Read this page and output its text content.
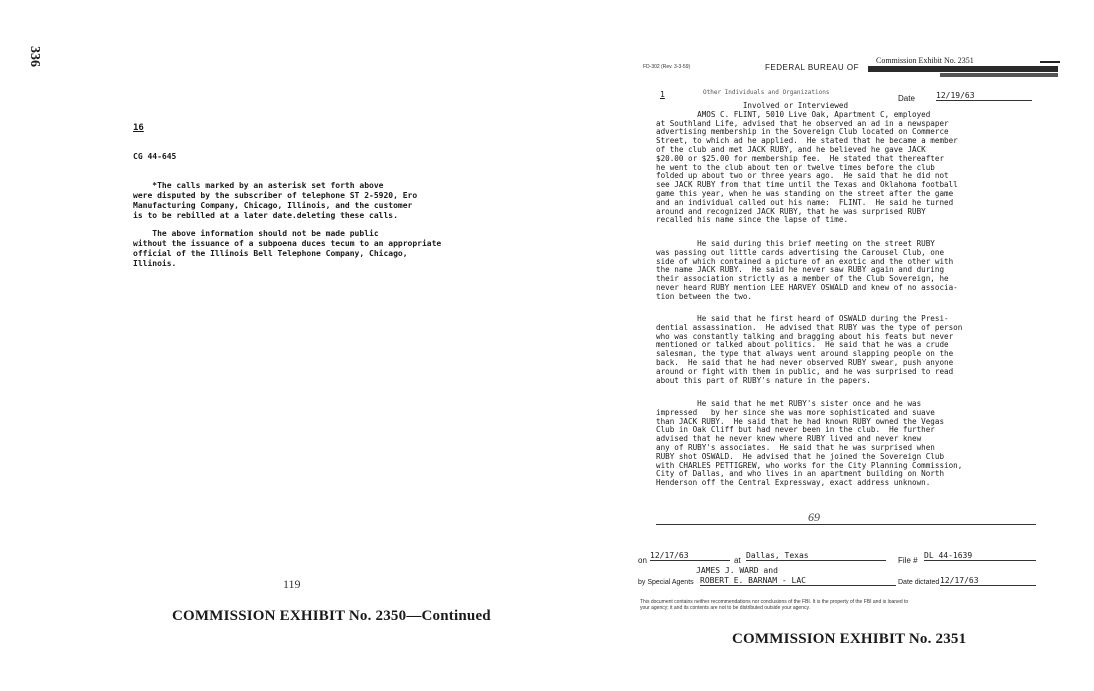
336
16
CG 44-645
*The calls marked by an asterisk set forth above
were disputed by the subscriber of telephone ST 2-5920, Ero
Manufacturing Company, Chicago, Illinois, and the customer
is to be rebilled at a later date.deleting these calls.
The above information should not be made public
without the issuance of a subpoena duces tecum to an appropriate
official of the Illinois Bell Telephone Company, Chicago,
Illinois.
119
COMMISSION EXHIBIT No. 2350—Continued
FD-302 (Rev. 3-3-59)	FEDERAL BUREAU OF
Commission Exhibit No. 2351
1	Other Individuals and Organizations
Date	12/19/63
Involved or Interviewed
AMOS C. FLINT, 5010 Live Oak, Apartment C, employed
at Southland Life, advised that he observed an ad in a newspaper
advertising membership in the Sovereign Club located on Commerce
Street, to which ad he applied.  He stated that he became a member
of the club and met JACK RUBY, and he believed he gave JACK
$20.00 or $25.00 for membership fee.  He stated that thereafter
he went to the club about ten or twelve times before the club
folded up about two or three years ago.  He said that he did not
see JACK RUBY from that time until the Texas and Oklahoma football
game this year, when he was standing on the street after the game
and an individual called out his name:  FLINT.  He said he turned
around and recognized JACK RUBY, that he was surprised RUBY
recalled his name since the lapse of time.
He said during this brief meeting on the street RUBY
was passing out little cards advertising the Carousel Club, one
side of which contained a picture of an exotic and the other with
the name JACK RUBY.  He said he never saw RUBY again and during
their association strictly as a member of the Club Sovereign, he
never heard RUBY mention LEE HARVEY OSWALD and knew of no associa-
tion between the two.
He said that he first heard of OSWALD during the Presi-
dential assassination.  He advised that RUBY was the type of person
who was constantly talking and bragging about his feats but never
mentioned or talked about politics.  He said that he was a crude
salesman, the type that always went around slapping people on the
back.  He said that he had never observed RUBY swear, push anyone
around or fight with them in public, and he was surprised to read
about this part of RUBY's nature in the papers.
He said that he met RUBY's sister once and he was
impressed   by her since she was more sophisticated and suave
than JACK RUBY.  He said that he had known RUBY owned the Vegas
Club in Oak Cliff but had never been in the club.  He further
advised that he never knew where RUBY lived and never knew
any of RUBY's associates.  He said that he was surprised when
RUBY shot OSWALD.  He advised that he joined the Sovereign Club
with CHARLES PETTIGREW, who works for the City Planning Commission,
City of Dallas, and who lives in an apartment building on North
Henderson off the Central Expressway, exact address unknown.
69
on
12/17/63
at
Dallas, Texas
File #
DL 44-1639
JAMES J. WARD and
by Special Agents ROBERT E. BARNAM - LAC	Date dictated 12/17/63
This document contains neither recommendations nor conclusions of the FBI. It is the property of the FBI and is loaned to
your agency; it and its contents are not to be distributed outside your agency.
COMMISSION EXHIBIT No. 2351
